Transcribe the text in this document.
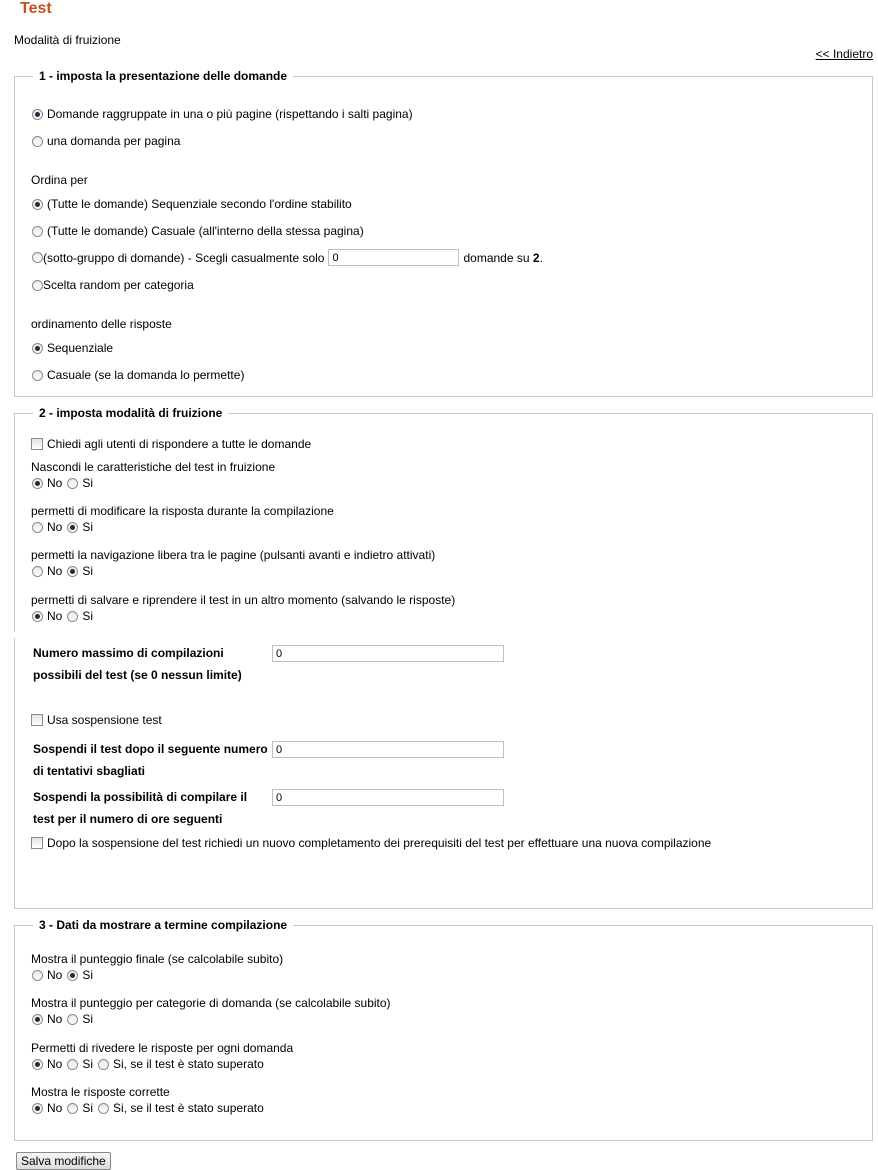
Test
Modalità di fruizione
<< Indietro
1 - imposta la presentazione delle domande
Domande raggruppate in una o più pagine (rispettando i salti pagina)
una domanda per pagina
Ordina per
(Tutte le domande) Sequenziale secondo l'ordine stabilito
(Tutte le domande) Casuale (all'interno della stessa pagina)
(sotto-gruppo di domande) - Scegli casualmente solo 0	domande su
2 .
Scelta random per categoria
ordinamento delle risposte
Sequenziale
Casuale (se la domanda lo permette)
2 - imposta modalità di fruizione
Chiedi agli utenti di rispondere a tutte le domande
Nascondi le caratteristiche del test in fruizione
No Si
permetti di modificare la risposta durante la compilazione
No Si
permetti la navigazione libera tra le pagine (pulsanti avanti e indietro attivati)
No Si
permetti di salvare e riprendere il test in un altro momento (salvando le risposte)
No Si
Numero massimo di compilazioni
possibili del test (se 0 nessun limite)
0
Usa sospensione test
Sospendi il test dopo il seguente numero
di tentativi sbagliati
0
Sospendi la possibilità di compilare il
test per il numero di ore seguenti
0
Dopo la sospensione del test richiedi un nuovo completamento dei prerequisiti del test per effettuare una nuova compilazione
3 - Dati da mostrare a termine compilazione
Mostra il punteggio finale (se calcolabile subito)
No Si
Mostra il punteggio per categorie di domanda (se calcolabile subito)
No Si
Permetti di rivedere le risposte per ogni domanda
No Si Si, se il test è stato superato
Mostra le risposte corrette
No Si Si, se il test è stato superato
Salva modifiche
